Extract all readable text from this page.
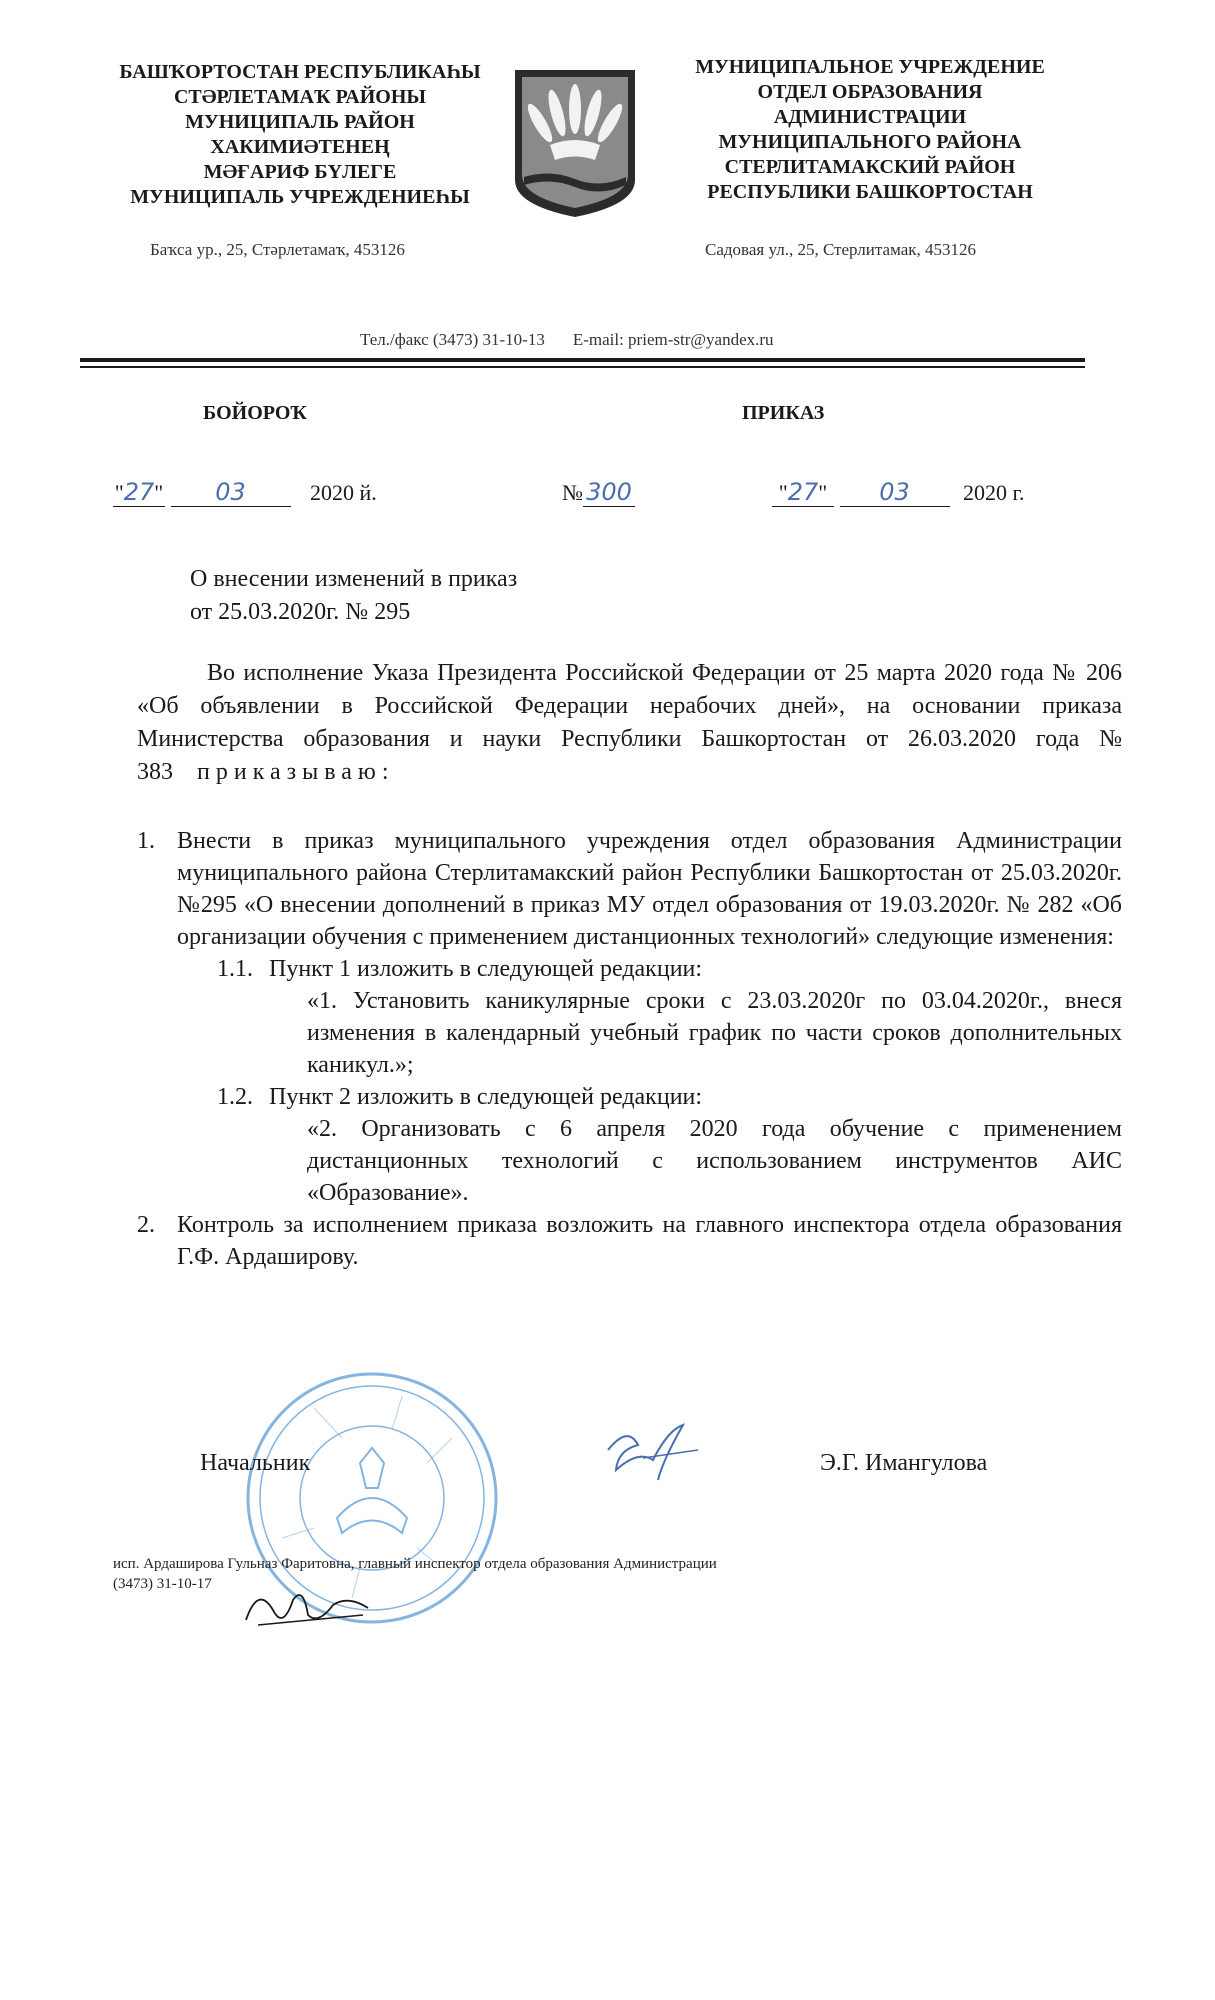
БАШҠОРТОСТАН РЕСПУБЛИКАҺЫ
СТӘРЛЕТАМАҠ РАЙОНЫ
МУНИЦИПАЛЬ РАЙОН
ХАКИМИӘТЕНЕҢ
МӘҒАРИФ БҮЛЕГЕ
МУНИЦИПАЛЬ УЧРЕЖДЕНИЕҺЫ
МУНИЦИПАЛЬНОЕ УЧРЕЖДЕНИЕ
ОТДЕЛ ОБРАЗОВАНИЯ
АДМИНИСТРАЦИИ
МУНИЦИПАЛЬНОГО РАЙОНА
СТЕРЛИТАМАКСКИЙ РАЙОН
РЕСПУБЛИКИ БАШКОРТОСТАН
Баҡса ур., 25, Стәрлетамаҡ, 453126	Садовая ул., 25, Стерлитамак, 453126
Тел./факс (3473) 31-10-13 E-mail: priem-str@yandex.ru
БОЙОРОҠ	ПРИКАЗ
"27" 03	2020 й.	№ 300	"27" 03 2020 г.
О внесении изменений в приказ
от 25.03.2020г. № 295
Во исполнение Указа Президента Российской Федерации от 25 марта 2020 года № 206 «Об объявлении в Российской Федерации нерабочих дней», на основании приказа Министерства образования и науки Республики Башкортостан от 26.03.2020 года № 383 приказываю:
1. Внести в приказ муниципального учреждения отдел образования Администрации муниципального района Стерлитамакский район Республики Башкортостан от 25.03.2020г. №295 «О внесении дополнений в приказ МУ отдел образования от 19.03.2020г. № 282 «Об организации обучения с применением дистанционных технологий» следующие изменения:
1.1. Пункт 1 изложить в следующей редакции:
«1. Установить каникулярные сроки с 23.03.2020г по 03.04.2020г., внеся изменения в календарный учебный график по части сроков дополнительных каникул.»;
1.2. Пункт 2 изложить в следующей редакции:
«2. Организовать с 6 апреля 2020 года обучение с применением дистанционных технологий с использованием инструментов АИС «Образование».
2. Контроль за исполнением приказа возложить на главного инспектора отдела образования Г.Ф. Ардаширову.
Начальник	Э.Г. Имангулова
исп. Ардаширова Гульназ Фаритовна, главный инспектор отдела образования Администрации
(3473) 31-10-17
